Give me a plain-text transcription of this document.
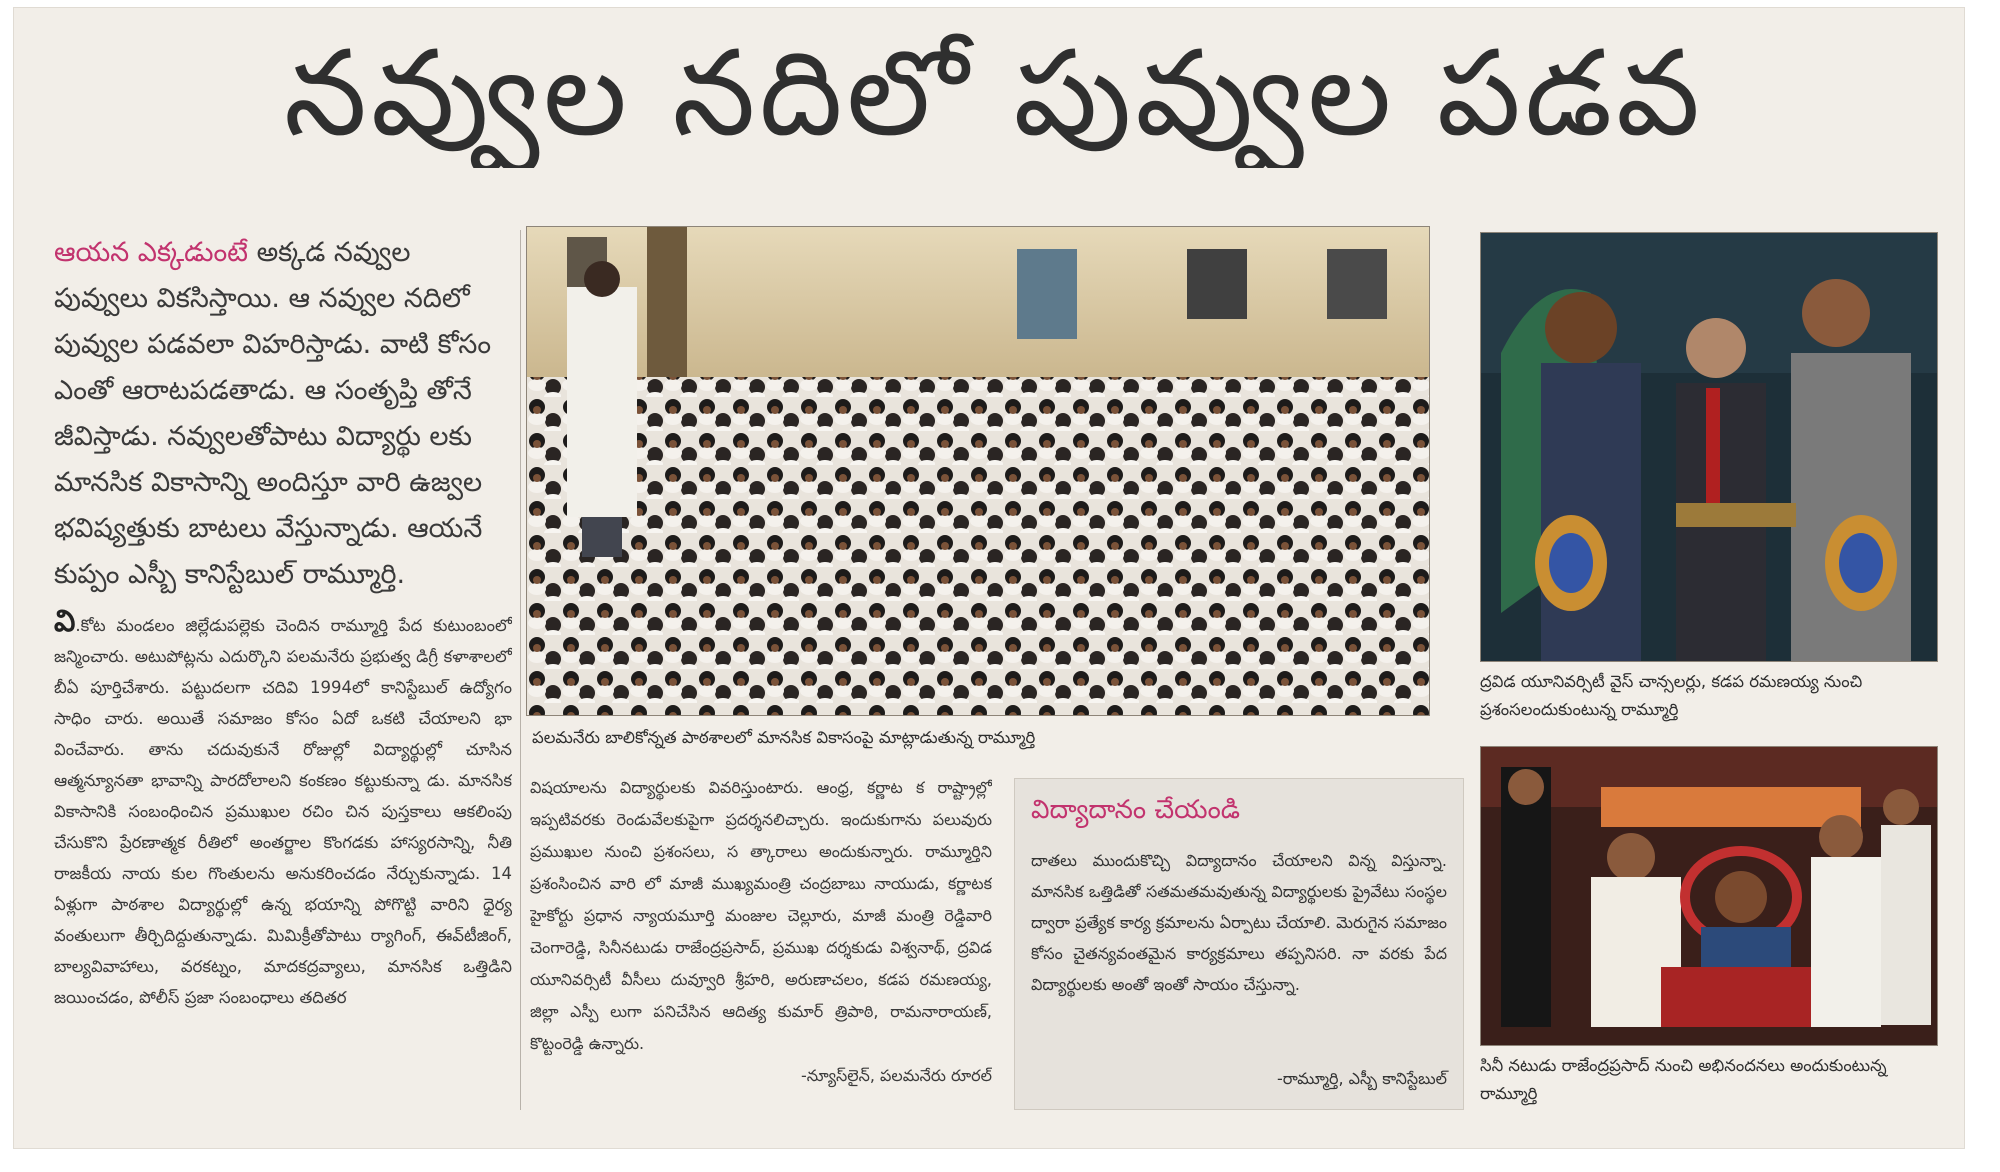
నవ్వుల నదిలో పువ్వుల పడవ

ఆయన ఎక్కడుంటే అక్కడ నవ్వుల పువ్వులు వికసిస్తాయి. ఆ నవ్వుల నదిలో పువ్వుల పడవలా విహరిస్తాడు. వాటి కోసం ఎంతో ఆరాటపడతాడు. ఆ సంతృప్తి తోనే జీవిస్తాడు. నవ్వులతోపాటు విద్యార్థు లకు మానసిక వికాసాన్ని అందిస్తూ వారి ఉజ్వల భవిష్యత్తుకు బాటలు వేస్తున్నాడు. ఆయనే కుప్పం ఎస్బీ కానిస్టేబుల్ రామ్మూర్తి.

వి.కోట మండలం జిల్లేడుపల్లెకు చెందిన రామ్మూర్తి పేద కుటుంబంలో జన్మించారు. అటుపోట్లను ఎదుర్కొని పలమనేరు ప్రభుత్వ డిగ్రీ కళాశాలలో బీఏ పూర్తిచేశారు. పట్టుదలగా చదివి 1994లో కానిస్టేబుల్ ఉద్యోగం సాధిం చారు. అయితే సమాజం కోసం ఏదో ఒకటి చేయాలని భా వించేవారు. తాను చదువుకునే రోజుల్లో విద్యార్థుల్లో చూసిన ఆత్మన్యూనతా భావాన్ని పారదోలాలని కంకణం కట్టుకున్నా డు. మానసిక వికాసానికి సంబంధించిన ప్రముఖుల రచిం చిన పుస్తకాలు ఆకలింపు చేసుకొని ప్రేరణాత్మక రీతిలో అంతర్జాల కొంగడకు హాస్యరసాన్ని, నీతి రాజకీయ నాయ కుల గొంతులను అనుకరించడం నేర్చుకున్నాడు. 14 ఏళ్లుగా పాఠశాల విద్యార్థుల్లో ఉన్న భయాన్ని పోగొట్టి వారిని ధైర్య వంతులుగా తీర్చిదిద్దుతున్నాడు. మిమిక్రీతోపాటు ర్యాగింగ్, ఈవ్‌టీజింగ్, బాల్యవివాహాలు, వరకట్నం, మాదకద్రవ్యాలు, మానసిక ఒత్తిడిని జయించడం, పోలీస్ ప్రజా సంబంధాలు తదితర

పలమనేరు బాలికోన్నత పాఠశాలలో మానసిక వికాసంపై మాట్లాడుతున్న రామ్మూర్తి
విషయాలను విద్యార్థులకు వివరిస్తుంటారు. ఆంధ్ర, కర్ణాట క రాష్ట్రాల్లో ఇప్పటివరకు రెండువేలకుపైగా ప్రదర్శనలిచ్చారు. ఇందుకుగాను పలువురు ప్రముఖుల నుంచి ప్రశంసలు, స త్కారాలు అందుకున్నారు. రామ్మూర్తిని ప్రశంసించిన వారి లో మాజీ ముఖ్యమంత్రి చంద్రబాబు నాయుడు, కర్ణాటక హైకోర్టు ప్రధాన న్యాయమూర్తి మంజుల చెల్లూరు, మాజీ మంత్రి రెడ్డివారి చెంగారెడ్డి, సినీనటుడు రాజేంద్రప్రసాద్, ప్రముఖ దర్శకుడు విశ్వనాథ్, ద్రవిడ యూనివర్సిటీ వీసీలు దువ్వూరి శ్రీహరి, అరుణాచలం, కడప రమణయ్య, జిల్లా ఎస్పీ లుగా పనిచేసిన ఆదిత్య కుమార్ త్రిపాఠి, రామనారాయణ్, కొట్టంరెడ్డి ఉన్నారు.
-న్యూస్‌లైన్, పలమనేరు రూరల్
విద్యాదానం చేయండి
దాతలు ముందుకొచ్చి విద్యాదానం చేయాలని విన్న విస్తున్నా. మానసిక ఒత్తిడితో సతమతమవుతున్న విద్యార్థులకు ప్రైవేటు సంస్థల ద్వారా ప్రత్యేక కార్య క్రమాలను ఏర్పాటు చేయాలి. మెరుగైన సమాజం కోసం చైతన్యవంతమైన కార్యక్రమాలు తప్పనిసరి. నా వరకు పేద విద్యార్థులకు అంతో ఇంతో సాయం చేస్తున్నా.
-రామ్మూర్తి, ఎస్బీ కానిస్టేబుల్
ద్రవిడ యూనివర్సిటీ వైస్ చాన్సలర్లు, కడప రమణయ్య నుంచి ప్రశంసలందుకుంటున్న రామ్మూర్తి
సినీ నటుడు రాజేంద్రప్రసాద్ నుంచి అభినందనలు అందుకుంటున్న రామ్మూర్తి
